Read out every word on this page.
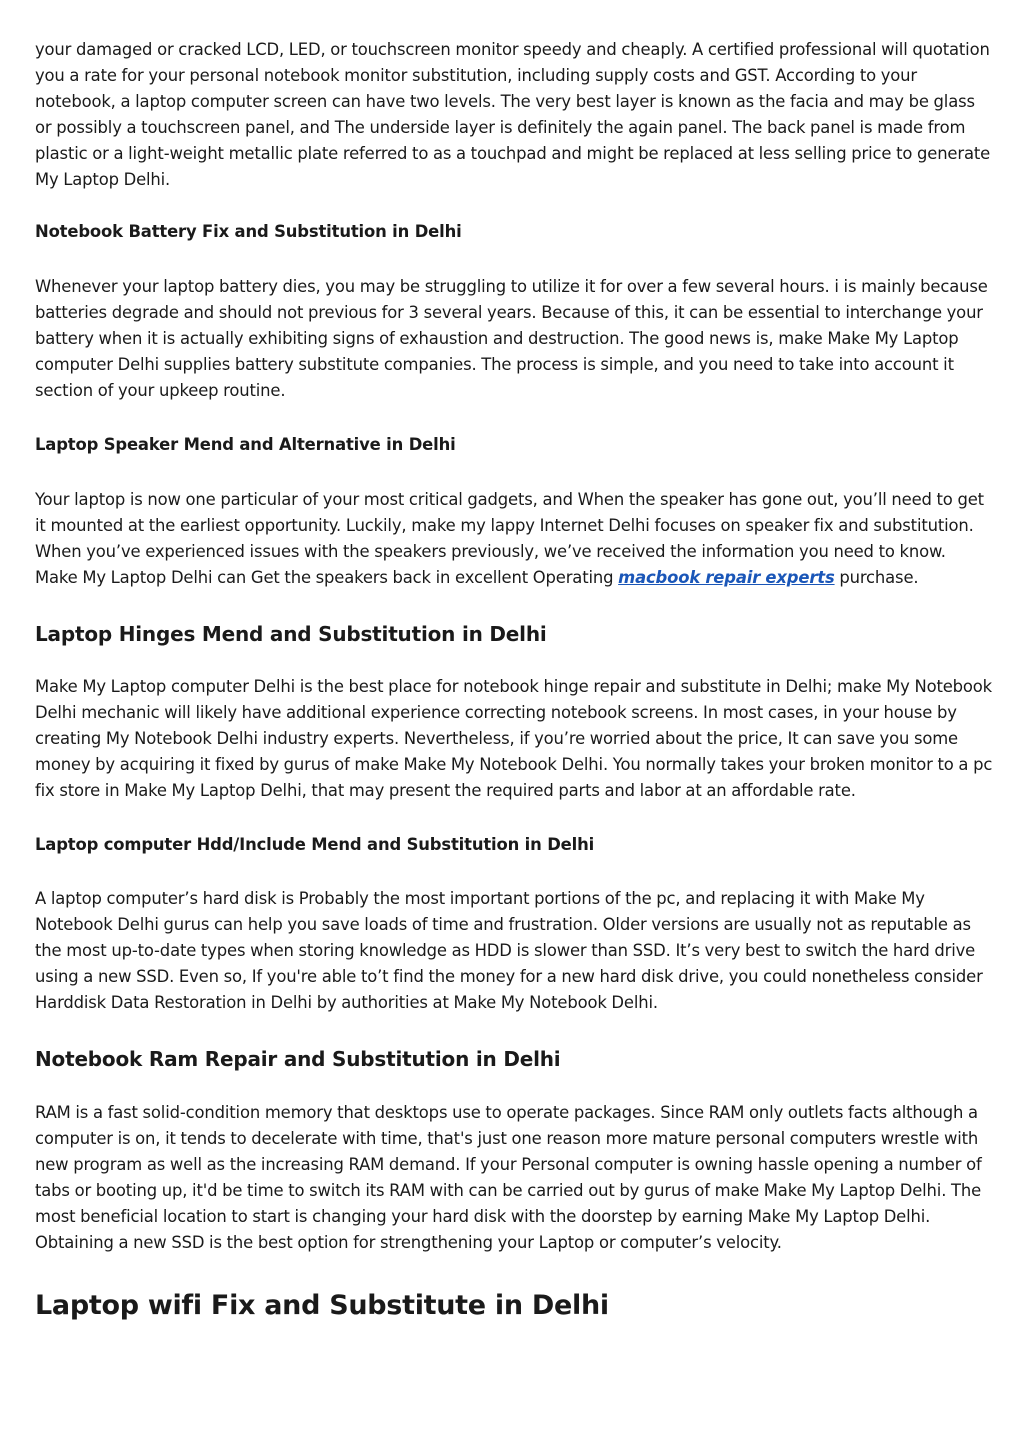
your damaged or cracked LCD, LED, or touchscreen monitor speedy and cheaply. A certified professional will quotation you a rate for your personal notebook monitor substitution, including supply costs and GST. According to your notebook, a laptop computer screen can have two levels. The very best layer is known as the facia and may be glass or possibly a touchscreen panel, and The underside layer is definitely the again panel. The back panel is made from plastic or a light-weight metallic plate referred to as a touchpad and might be replaced at less selling price to generate My Laptop Delhi.

Notebook Battery Fix and Substitution in Delhi

Whenever your laptop battery dies, you may be struggling to utilize it for over a few several hours. i is mainly because batteries degrade and should not previous for 3 several years. Because of this, it can be essential to interchange your battery when it is actually exhibiting signs of exhaustion and destruction. The good news is, make Make My Laptop computer Delhi supplies battery substitute companies. The process is simple, and you need to take into account it section of your upkeep routine.

Laptop Speaker Mend and Alternative in Delhi

Your laptop is now one particular of your most critical gadgets, and When the speaker has gone out, you’ll need to get it mounted at the earliest opportunity. Luckily, make my lappy Internet Delhi focuses on speaker fix and substitution. When you’ve experienced issues with the speakers previously, we’ve received the information you need to know. Make My Laptop Delhi can Get the speakers back in excellent Operating macbook repair experts purchase.

Laptop Hinges Mend and Substitution in Delhi

Make My Laptop computer Delhi is the best place for notebook hinge repair and substitute in Delhi; make My Notebook Delhi mechanic will likely have additional experience correcting notebook screens. In most cases, in your house by creating My Notebook Delhi industry experts. Nevertheless, if you’re worried about the price, It can save you some money by acquiring it fixed by gurus of make Make My Notebook Delhi. You normally takes your broken monitor to a pc fix store in Make My Laptop Delhi, that may present the required parts and labor at an affordable rate.

Laptop computer Hdd/Include Mend and Substitution in Delhi

A laptop computer’s hard disk is Probably the most important portions of the pc, and replacing it with Make My Notebook Delhi gurus can help you save loads of time and frustration. Older versions are usually not as reputable as the most up-to-date types when storing knowledge as HDD is slower than SSD. It’s very best to switch the hard drive using a new SSD. Even so, If you're able to’t find the money for a new hard disk drive, you could nonetheless consider Harddisk Data Restoration in Delhi by authorities at Make My Notebook Delhi.

Notebook Ram Repair and Substitution in Delhi

RAM is a fast solid-condition memory that desktops use to operate packages. Since RAM only outlets facts although a computer is on, it tends to decelerate with time, that's just one reason more mature personal computers wrestle with new program as well as the increasing RAM demand. If your Personal computer is owning hassle opening a number of tabs or booting up, it'd be time to switch its RAM with can be carried out by gurus of make Make My Laptop Delhi. The most beneficial location to start is changing your hard disk with the doorstep by earning Make My Laptop Delhi. Obtaining a new SSD is the best option for strengthening your Laptop or computer’s velocity.

Laptop wifi Fix and Substitute in Delhi
